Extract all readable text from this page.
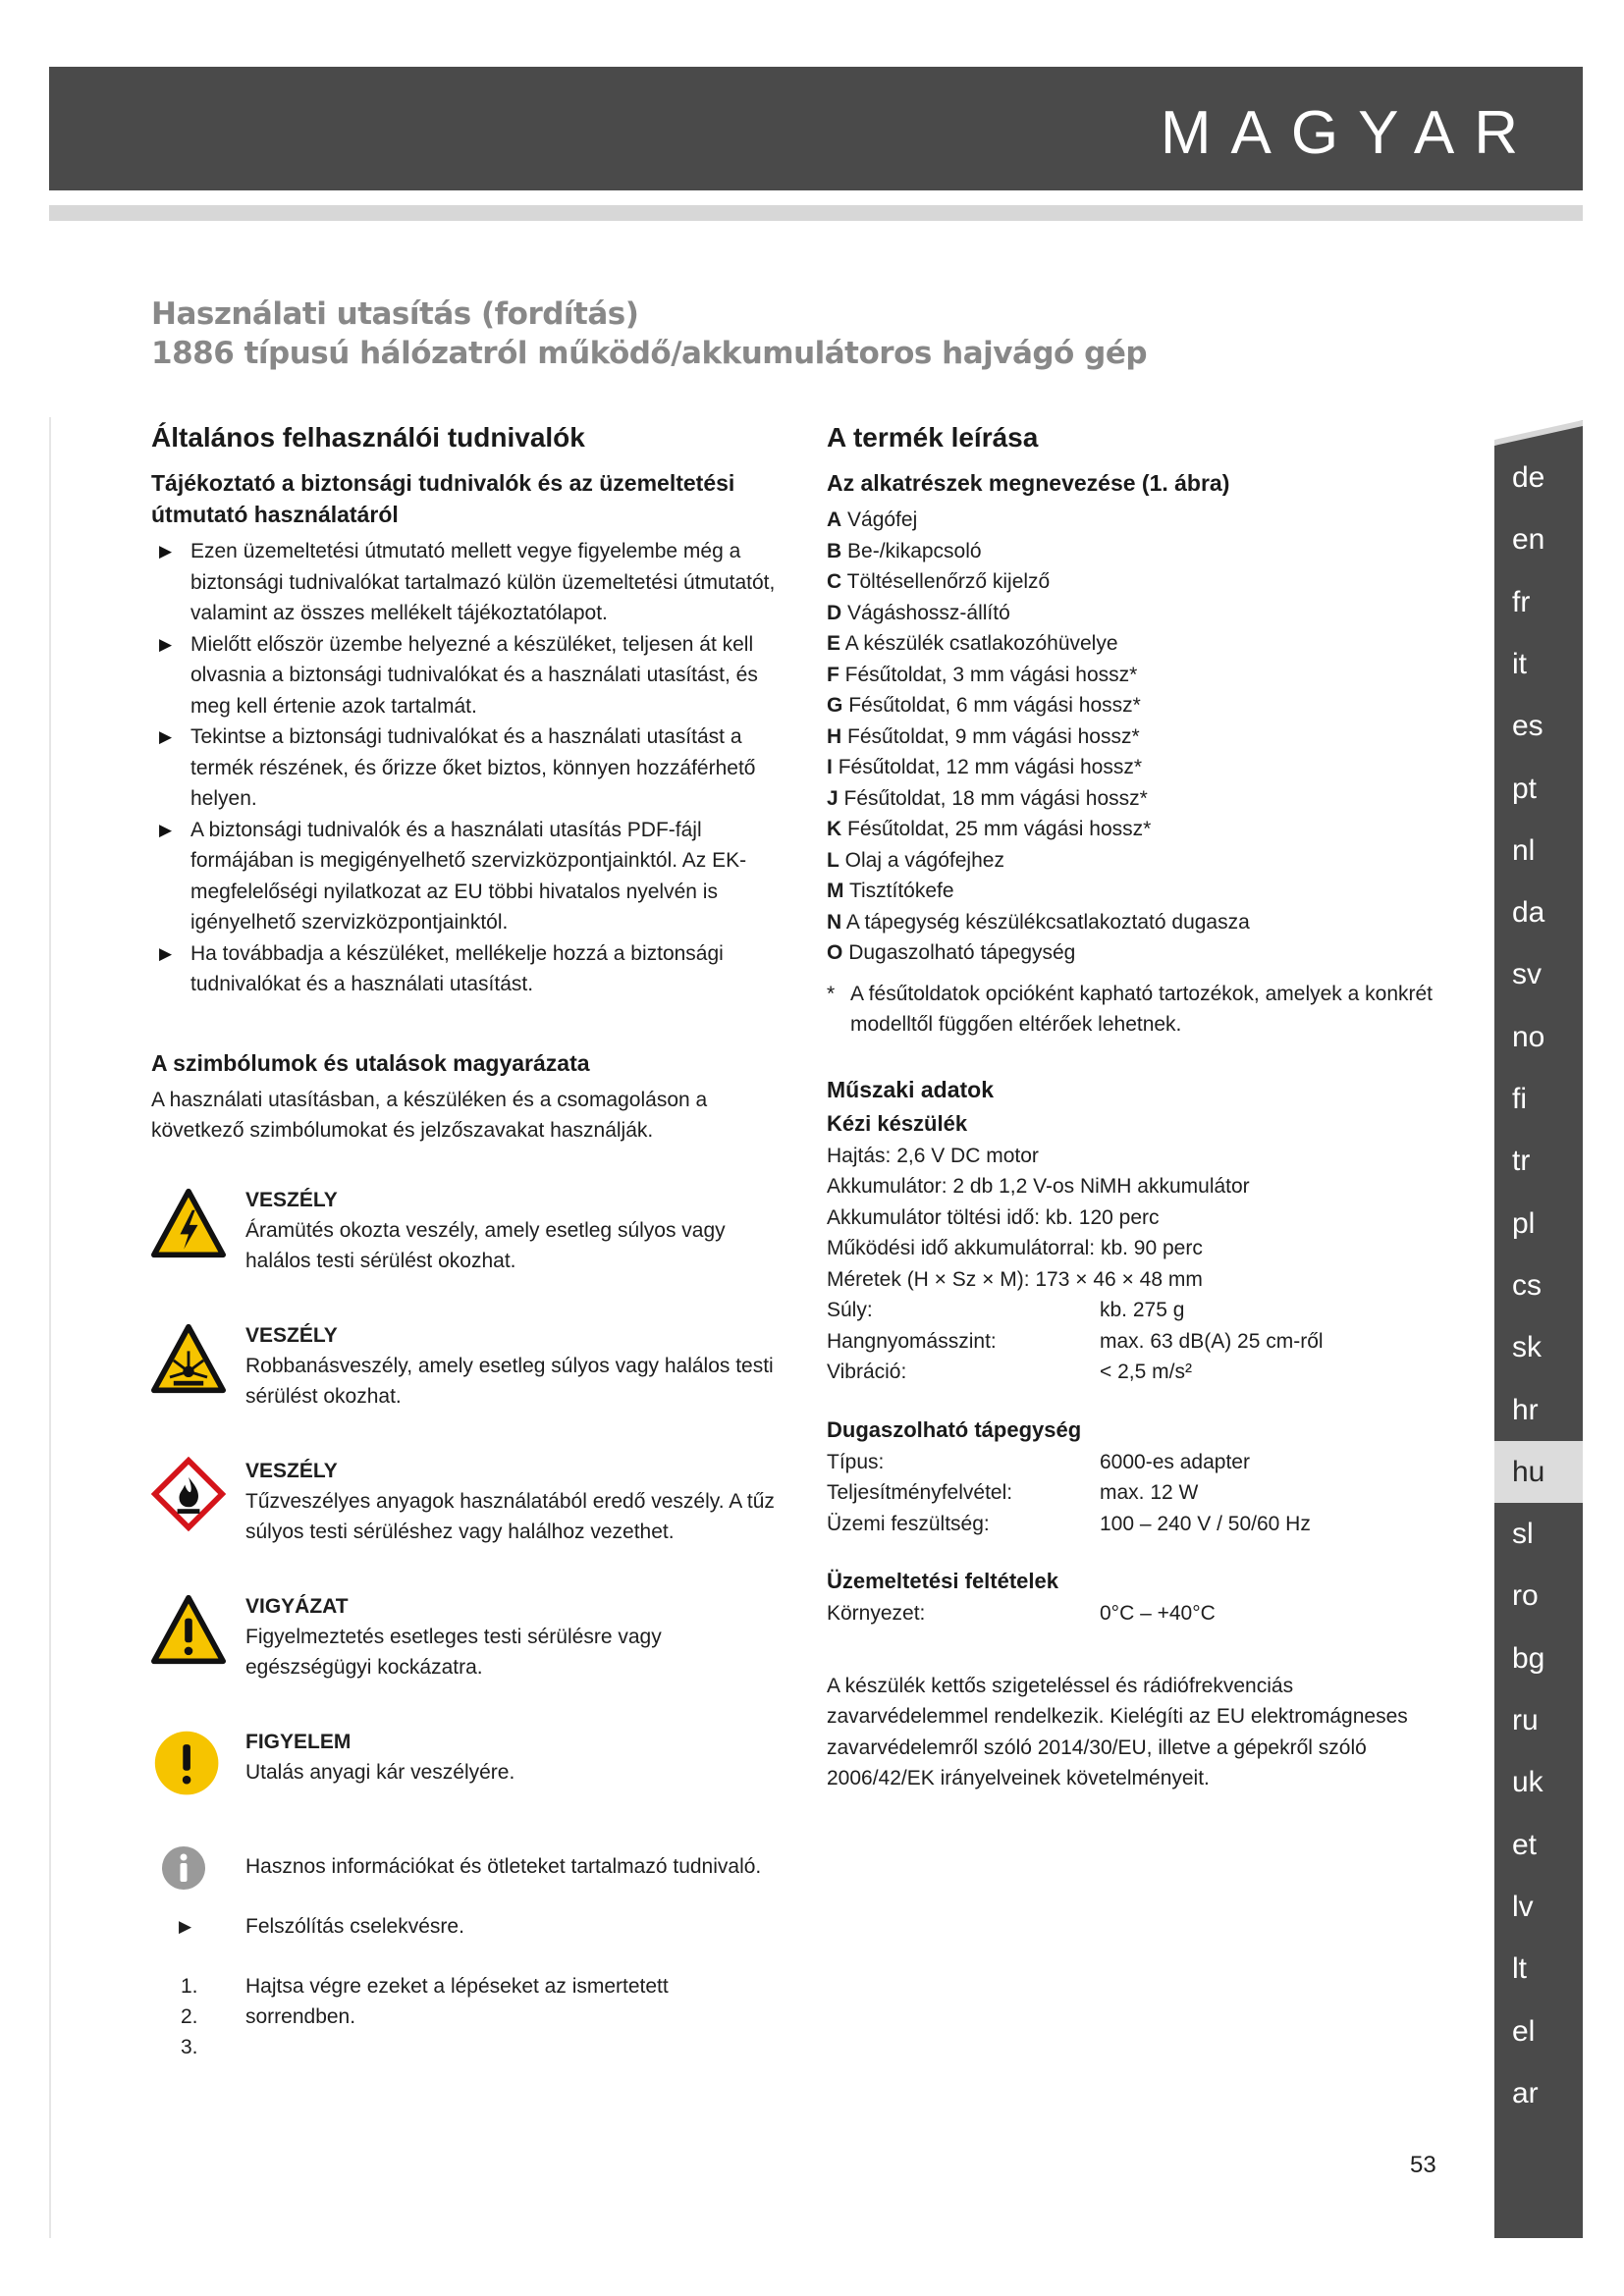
MAGYAR
Használati utasítás (fordítás)
1886 típusú hálózatról működő/akkumulátoros hajvágó gép
Általános felhasználói tudnivalók
Tájékoztató a biztonsági tudnivalók és az üzemeltetési útmutató használatáról
▶ Ezen üzemeltetési útmutató mellett vegye figyelembe még a biztonsági tudnivalókat tartalmazó külön üzemeltetési útmutatót, valamint az összes mellékelt tájékoztatólapot.
▶ Mielőtt először üzembe helyezné a készüléket, teljesen át kell olvasnia a biztonsági tudnivalókat és a használati utasítást, és meg kell értenie azok tartalmát.
▶ Tekintse a biztonsági tudnivalókat és a használati utasítást a termék részének, és őrizze őket biztos, könnyen hozzáférhető helyen.
▶ A biztonsági tudnivalók és a használati utasítás PDF-fájl formájában is megigényelhető szervizközpontjainktól. Az EK-megfelelőségi nyilatkozat az EU többi hivatalos nyelvén is igényelhető szervizközpontjainktól.
▶ Ha továbbadja a készüléket, mellékelje hozzá a biztonsági tudnivalókat és a használati utasítást.
A szimbólumok és utalások magyarázata

A használati utasításban, a készüléken és a csomagoláson a következő szimbólumokat és jelzőszavakat használják.

VESZÉLY
Áramütés okozta veszély, amely esetleg súlyos vagy halálos testi sérülést okozhat.
VESZÉLY
Robbanásveszély, amely esetleg súlyos vagy halálos testi sérülést okozhat.
VESZÉLY
Tűzveszélyes anyagok használatából eredő veszély. A tűz súlyos testi sérüléshez vagy halálhoz vezethet.
VIGYÁZAT
Figyelmeztetés esetleges testi sérülésre vagy egészségügyi kockázatra.
FIGYELEM
Utalás anyagi kár veszélyére.
Hasznos információkat és ötleteket tartalmazó tudnivaló.
▶	Felszólítás cselekvésre.
1.
2.
3.
Hajtsa végre ezeket a lépéseket az ismertetett sorrendben.
A termék leírása
Az alkatrészek megnevezése (1. ábra)
A Vágófej
B Be-/kikapcsoló
C Töltésellenőrző kijelző
D Vágáshossz-állító
E A készülék csatlakozóhüvelye
F Fésűtoldat, 3 mm vágási hossz*
G Fésűtoldat, 6 mm vágási hossz*
H Fésűtoldat, 9 mm vágási hossz*
I Fésűtoldat, 12 mm vágási hossz*
J Fésűtoldat, 18 mm vágási hossz*
K Fésűtoldat, 25 mm vágási hossz*
L Olaj a vágófejhez
M Tisztítókefe
N A tápegység készülékcsatlakoztató dugasza
O Dugaszolható tápegység

* A fésűtoldatok opcióként kapható tartozékok, amelyek a konkrét modelltől függően eltérőek lehetnek.

Műszaki adatok
Kézi készülék

Hajtás: 2,6 V DC motor

Akkumulátor: 2 db 1,2 V-os NiMH akkumulátor

Akkumulátor töltési idő: kb. 120 perc

Működési idő akkumulátorral: kb. 90 perc

Méretek (H × Sz × M): 173 × 46 × 48 mm

Súly:	kb. 275 g
Hangnyomásszint:	max. 63 dB(A) 25 cm-ről
Vibráció:	< 2,5 m/s²
Dugaszolható tápegység
Típus:	6000-es adapter
Teljesítményfelvétel:	max. 12 W
Üzemi feszültség:	100 – 240 V / 50/60 Hz
Üzemeltetési feltételek
Környezet:	0°C – +40°C

A készülék kettős szigeteléssel és rádiófrekvenciás zavarvédelemmel rendelkezik. Kielégíti az EU elektromágneses zavarvédelemről szóló 2014/30/EU, illetve a gépekről szóló 2006/42/EK irányelveinek követelményeit.

de
en
fr
it
es
pt
nl
da
sv
no
fi
tr
pl
cs
sk
hr
hu
sl
ro
bg
ru
uk
et
lv
lt
el
ar
53
